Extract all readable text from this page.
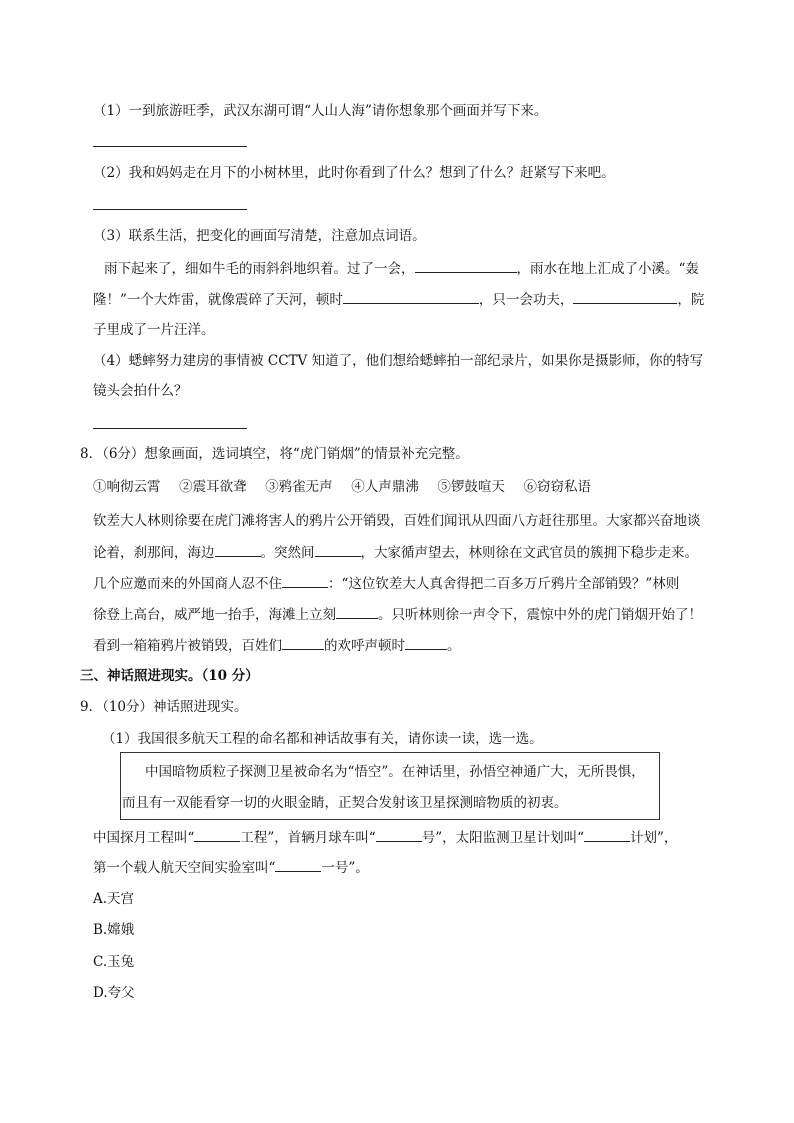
（1）一到旅游旺季，武汉东湖可谓“人山人海”请你想象那个画面并写下来。
（2）我和妈妈走在月下的小树林里，此时你看到了什么？想到了什么？赶紧写下来吧。
（3）联系生活，把变化的画面写清楚，注意加点词语。
雨下起来了，细如牛毛的雨斜斜地织着。过了一会，	，雨水在地上汇成了小溪。“轰
隆！”一个大炸雷，就像震碎了天河，顿时	，只一会功夫，	，院
子里成了一片汪洋。
（4）蟋蟀努力建房的事情被 CCTV 知道了，他们想给蟋蟀拍一部纪录片，如果你是摄影师，你的特写
镜头会拍什么？
8．（6分）想象画面，选词填空，将“虎门销烟”的情景补充完整。
①响彻云霄 ②震耳欲聋 ③鸦雀无声 ④人声鼎沸 ⑤锣鼓喧天 ⑥窃窃私语
钦差大人林则徐要在虎门滩将害人的鸦片公开销毁，百姓们闻讯从四面八方赶往那里。大家都兴奋地谈
论着，刹那间，海边	。突然间	，大家循声望去，林则徐在文武官员的簇拥下稳步走来。
几个应邀而来的外国商人忍不住	：“这位钦差大人真舍得把二百多万斤鸦片全部销毁？”林则
徐登上高台，威严地一抬手，海滩上立刻	。只听林则徐一声令下，震惊中外的虎门销烟开始了！
看到一箱箱鸦片被销毁，百姓们	的欢呼声顿时	。
三、神话照进现实。（10 分）
9．（10分）神话照进现实。
（1）我国很多航天工程的命名都和神话故事有关，请你读一读，选一选。
中国暗物质粒子探测卫星被命名为“悟空”。在神话里，孙悟空神通广大，无所畏惧，
而且有一双能看穿一切的火眼金睛，正契合发射该卫星探测暗物质的初衷。
中国探月工程叫“	工程”，首辆月球车叫“	号”，太阳监测卫星计划叫“	计划”，
第一个载人航天空间实验室叫“	一号”。
A.天宫
B.嫦娥
C.玉兔
D.夸父
